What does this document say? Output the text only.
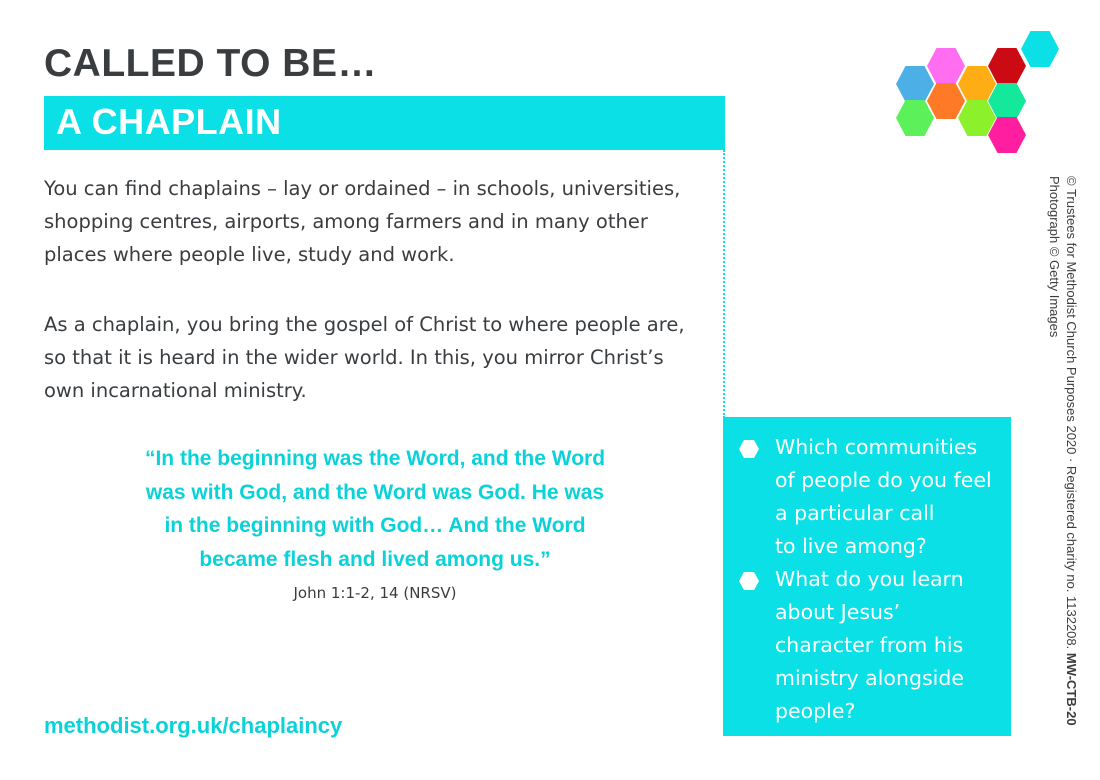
CALLED TO BE…
A CHAPLAIN

You can find chaplains – lay or ordained – in schools, universities, shopping centres, airports, among farmers and in many other places where people live, study and work.

As a chaplain, you bring the gospel of Christ to where people are, so that it is heard in the wider world. In this, you mirror Christ’s own incarnational ministry.

“In the beginning was the Word, and the Word
was with God, and the Word was God. He was
in the beginning with God… And the Word
became flesh and lived among us.”
John 1:1-2, 14 (NRSV)
methodist.org.uk/chaplaincy
Which communities
of people do you feel
a particular call
to live among?
What do you learn
about Jesus’
character from his
ministry alongside
people?
© Trustees for Methodist Church Purposes 2020 · Registered charity no. 1132208. MW-CTB-20
Photograph © Getty Images
